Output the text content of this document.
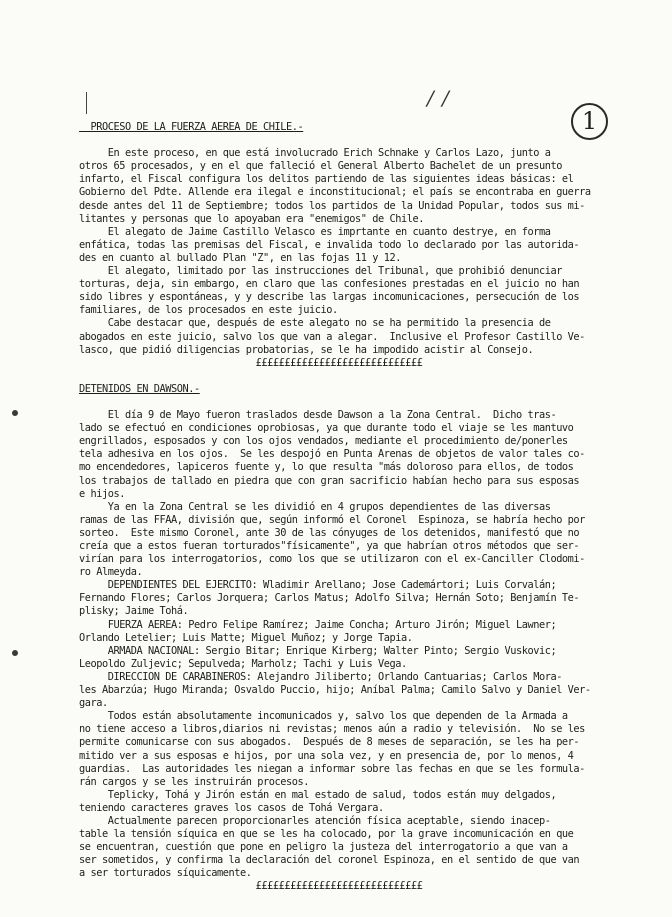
/ /
1
PROCESO DE LA FUERZA AEREA DE CHILE.-
En este proceso, en que está involucrado Erich Schnake y Carlos Lazo, junto a
otros 65 procesados, y en el que falleció el General Alberto Bachelet de un presunto
infarto, el Fiscal configura los delitos partiendo de las siguientes ideas básicas: el
Gobierno del Pdte. Allende era ilegal e inconstitucional; el país se encontraba en guerra
desde antes del 11 de Septiembre; todos los partidos de la Unidad Popular, todos sus mi-
litantes y personas que lo apoyaban era "enemigos" de Chile.
El alegato de Jaime Castillo Velasco es imprtante en cuanto destrye, en forma
enfática, todas las premisas del Fiscal, e invalida todo lo declarado por las autorida-
des en cuanto al bullado Plan "Z", en las fojas 11 y 12.
El alegato, limitado por las instrucciones del Tribunal, que prohibió denunciar
torturas, deja, sin embargo, en claro que las confesiones prestadas en el juicio no han
sido libres y espontáneas, y y describe las largas incomunicaciones, persecución de los
familiares, de los procesados en este juicio.
Cabe destacar que, después de este alegato no se ha permitido la presencia de
abogados en este juicio, salvo los que van a alegar.  Inclusive el Profesor Castillo Ve-
lasco, que pidió diligencias probatorias, se le ha impodido acistir al Consejo.
£££££££££££££££££££££££££££££
DETENIDOS EN DAWSON.-
El día 9 de Mayo fueron traslados desde Dawson a la Zona Central.  Dicho tras-
lado se efectuó en condiciones oprobiosas, ya que durante todo el viaje se les mantuvo
engrillados, esposados y con los ojos vendados, mediante el procedimiento de/ponerles
tela adhesiva en los ojos.  Se les despojó en Punta Arenas de objetos de valor tales co-
mo encendedores, lapiceros fuente y, lo que resulta "más doloroso para ellos, de todos
los trabajos de tallado en piedra que con gran sacrificio habían hecho para sus esposas
e hijos.
Ya en la Zona Central se les dividió en 4 grupos dependientes de las diversas
ramas de las FFAA, división que, según informó el Coronel  Espinoza, se habría hecho por
sorteo.  Este mismo Coronel, ante 30 de las cónyuges de los detenidos, manifestó que no
creía que a estos fueran torturados"físicamente", ya que habrían otros métodos que ser-
virían para los interrogatorios, como los que se utilizaron con el ex-Canciller Clodomi-
ro Almeyda.
DEPENDIENTES DEL EJERCITO: Wladimir Arellano; Jose Cademártori; Luis Corvalán;
Fernando Flores; Carlos Jorquera; Carlos Matus; Adolfo Silva; Hernán Soto; Benjamín Te-
plisky; Jaime Tohá.
FUERZA AEREA: Pedro Felipe Ramírez; Jaime Concha; Arturo Jirón; Miguel Lawner;
Orlando Letelier; Luis Matte; Miguel Muñoz; y Jorge Tapia.
ARMADA NACIONAL: Sergio Bitar; Enrique Kirberg; Walter Pinto; Sergio Vuskovic;
Leopoldo Zuljevic; Sepulveda; Marholz; Tachi y Luis Vega.
DIRECCION DE CARABINEROS: Alejandro Jiliberto; Orlando Cantuarias; Carlos Mora-
les Abarzúa; Hugo Miranda; Osvaldo Puccio, hijo; Aníbal Palma; Camilo Salvo y Daniel Ver-
gara.
Todos están absolutamente incomunicados y, salvo los que dependen de la Armada a
no tiene acceso a libros,diarios ni revistas; menos aún a radio y televisión.  No se les
permite comunicarse con sus abogados.  Después de 8 meses de separación, se les ha per-
mitido ver a sus esposas e hijos, por una sola vez, y en presencia de, por lo menos, 4
guardias.  Las autoridades les niegan a informar sobre las fechas en que se les formula-
rán cargos y se les instruirán procesos.
Teplicky, Tohá y Jirón están en mal estado de salud, todos están muy delgados,
teniendo caracteres graves los casos de Tohá Vergara.
Actualmente parecen proporcionarles atención física aceptable, siendo inacep-
table la tensión síquica en que se les ha colocado, por la grave incomunicación en que
se encuentran, cuestión que pone en peligro la justeza del interrogatorio a que van a
ser sometidos, y confirma la declaración del coronel Espinoza, en el sentido de que van
a ser torturados síquicamente.
£££££££££££££££££££££££££££££
